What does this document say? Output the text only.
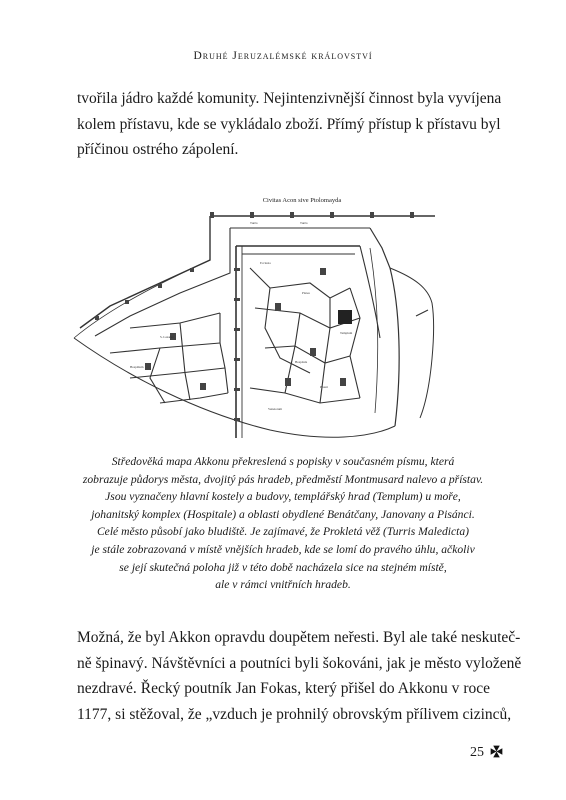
Druhé Jeruzalémské království

tvořila jádro každé komunity. Nejintenzivnější činnost byla vyvíjena
kolem přístavu, kde se vykládalo zboží. Přímý přístup k přístavu byl
příčinou ostrého zápolení.

Civitas Acon sive Ptolomayda
Turris	Turris
Ecclesia
Platea
Templum
Hospitale
S. Lazarus
Hospitium
Venetorum
Pisani
Středověká mapa Akkonu překreslená s popisky v současném písmu, která
zobrazuje půdorys města, dvojitý pás hradeb, předměstí Montmusard nalevo a přístav.
Jsou vyznačeny hlavní kostely a budovy, templářský hrad (Templum) u moře,
johanitský komplex (Hospitale) a oblasti obydlené Benátčany, Janovany a Pisánci.
Celé město působí jako bludiště. Je zajímavé, že Prokletá věž (Turris Maledicta)
je stále zobrazovaná v místě vnějších hradeb, kde se lomí do pravého úhlu, ačkoliv
se její skutečná poloha již v této době nacházela sice na stejném místě,
ale v rámci vnitřních hradeb.

Možná, že byl Akkon opravdu doupětem neřesti. Byl ale také neskuteč-
ně špinavý. Návštěvníci a poutníci byli šokováni, jak je město vyloženě
nezdravé. Řecký poutník Jan Fokas, který přišel do Akkonu v roce
1177, si stěžoval, že „vzduch je prohnilý obrovským přílivem cizinců,

25
